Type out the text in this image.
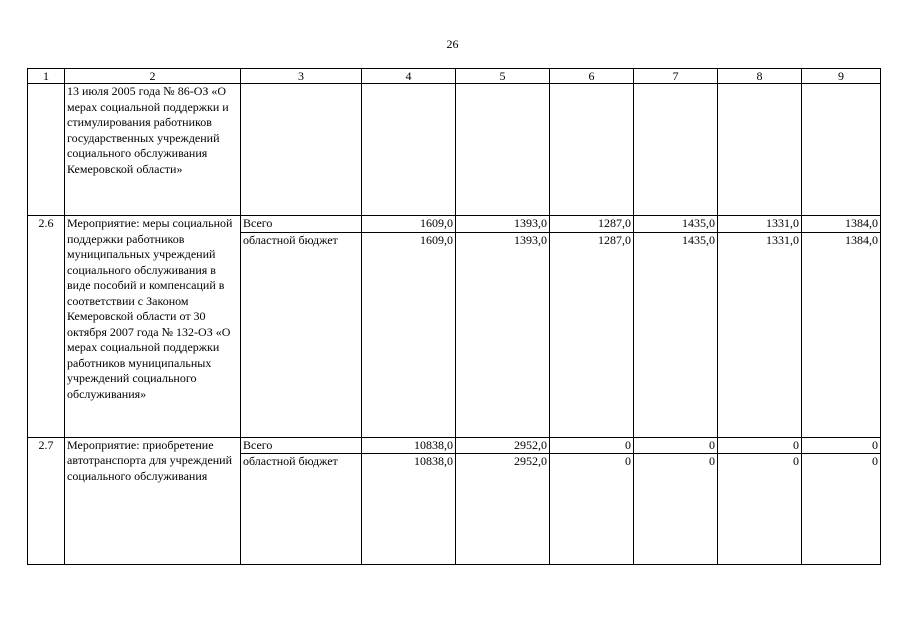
26
1	2	3	4	5	6	7	8	9
	13 июля 2005 года № 86-ОЗ «О мерах социальной поддержки и стимулирования работников государственных учреждений социального обслуживания Кемеровской области»							
2.6	Мероприятие: меры социальной поддержки работников муниципальных учреждений социального обслуживания в виде пособий и компенсаций в соответствии с Законом Кемеровской области от 30 октября 2007 года № 132-ОЗ «О мерах социальной поддержки работников муниципальных учреждений социального обслуживания»	Всего	1609,0	1393,0	1287,0	1435,0	1331,0	1384,0
		областной бюджет	1609,0	1393,0	1287,0	1435,0	1331,0	1384,0
2.7	Мероприятие: приобретение автотранспорта для учреждений социального обслуживания	Всего	10838,0	2952,0	0	0	0	0
		областной бюджет	10838,0	2952,0	0	0	0	0
